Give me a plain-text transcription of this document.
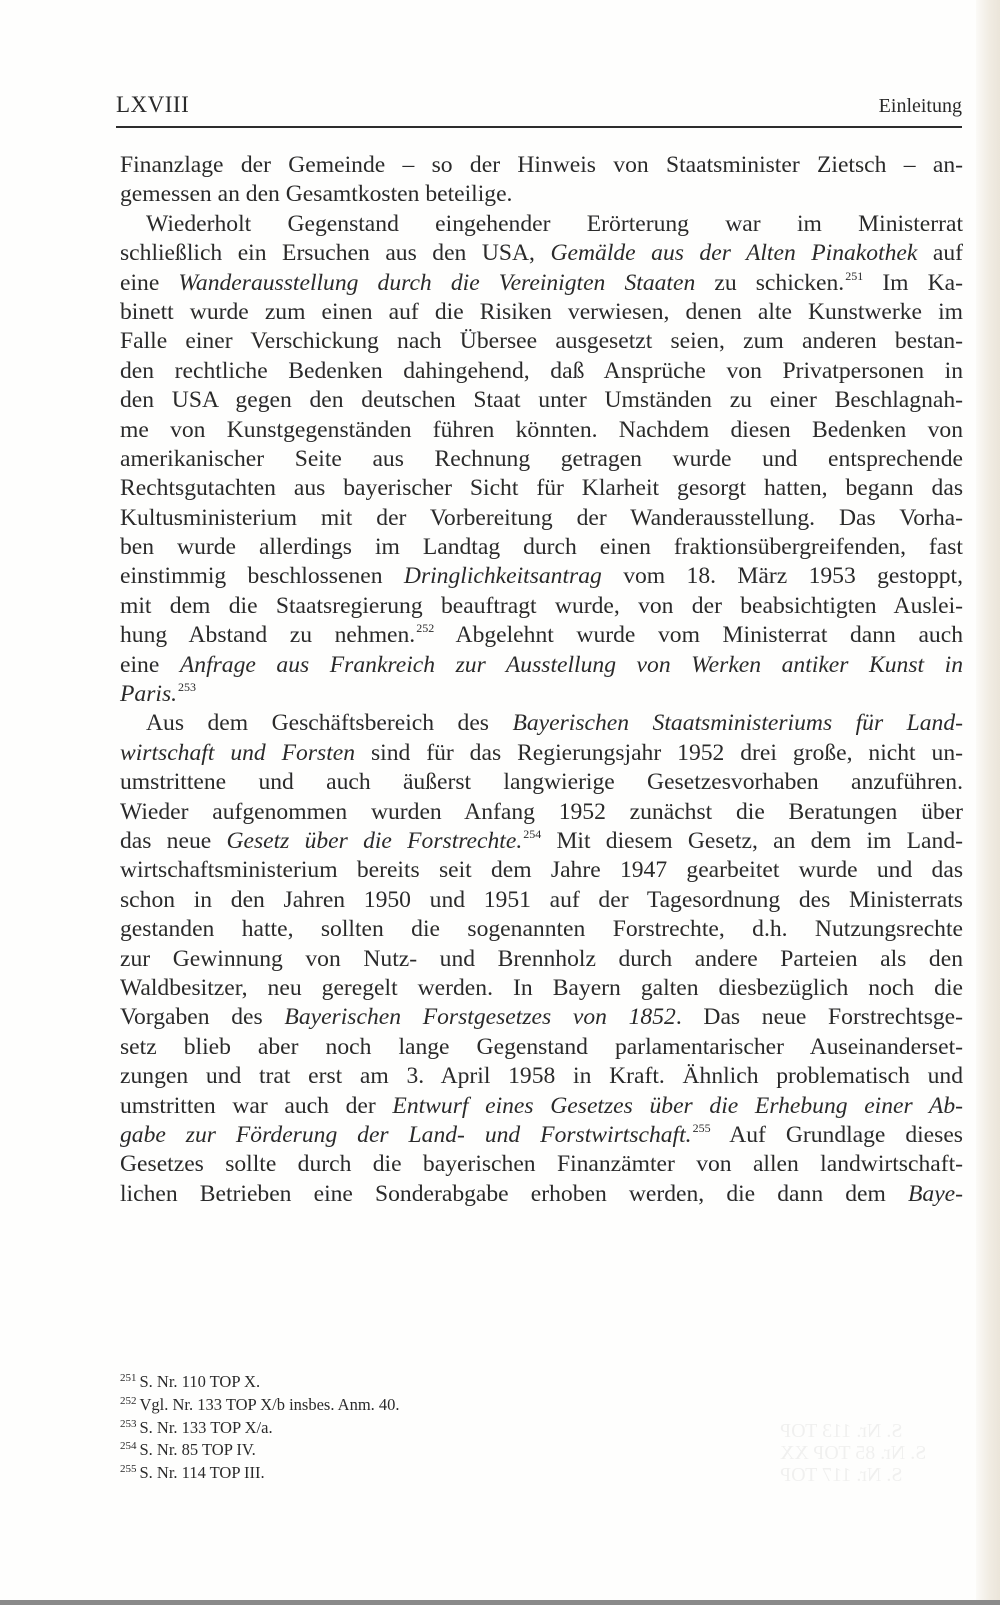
S. Nr. 113 TOP
S. Nr. 85 TOP XX
S. Nr. 117 TOP
LXVIII	Einleitung
Finanzlage der Gemeinde – so der Hinweis von Staatsminister Zietsch – an-
gemessen an den Gesamtkosten beteilige.
Wiederholt Gegenstand eingehender Erörterung war im Ministerrat
schließlich ein Ersuchen aus den USA, Gemälde aus der Alten Pinakothek auf
eine Wanderausstellung durch die Vereinigten Staaten zu schicken.$^{251}$ Im Ka-
binett wurde zum einen auf die Risiken verwiesen, denen alte Kunstwerke im
Falle einer Verschickung nach Übersee ausgesetzt seien, zum anderen bestan-
den rechtliche Bedenken dahingehend, daß Ansprüche von Privatpersonen in
den USA gegen den deutschen Staat unter Umständen zu einer Beschlagnah-
me von Kunstgegenständen führen könnten. Nachdem diesen Bedenken von
amerikanischer Seite aus Rechnung getragen wurde und entsprechende
Rechtsgutachten aus bayerischer Sicht für Klarheit gesorgt hatten, begann das
Kultusministerium mit der Vorbereitung der Wanderausstellung. Das Vorha-
ben wurde allerdings im Landtag durch einen fraktionsübergreifenden, fast
einstimmig beschlossenen Dringlichkeitsantrag vom 18. März 1953 gestoppt,
mit dem die Staatsregierung beauftragt wurde, von der beabsichtigten Auslei-
hung Abstand zu nehmen.$^{252}$ Abgelehnt wurde vom Ministerrat dann auch
eine Anfrage aus Frankreich zur Ausstellung von Werken antiker Kunst in
Paris.$^{253}$
Aus dem Geschäftsbereich des Bayerischen Staatsministeriums für Land-
wirtschaft und Forsten sind für das Regierungsjahr 1952 drei große, nicht un-
umstrittene und auch äußerst langwierige Gesetzesvorhaben anzuführen.
Wieder aufgenommen wurden Anfang 1952 zunächst die Beratungen über
das neue Gesetz über die Forstrechte.$^{254}$ Mit diesem Gesetz, an dem im Land-
wirtschaftsministerium bereits seit dem Jahre 1947 gearbeitet wurde und das
schon in den Jahren 1950 und 1951 auf der Tagesordnung des Ministerrats
gestanden hatte, sollten die sogenannten Forstrechte, d.h. Nutzungsrechte
zur Gewinnung von Nutz- und Brennholz durch andere Parteien als den
Waldbesitzer, neu geregelt werden. In Bayern galten diesbezüglich noch die
Vorgaben des Bayerischen Forstgesetzes von 1852. Das neue Forstrechtsge-
setz blieb aber noch lange Gegenstand parlamentarischer Auseinanderset-
zungen und trat erst am 3. April 1958 in Kraft. Ähnlich problematisch und
umstritten war auch der Entwurf eines Gesetzes über die Erhebung einer Ab-
gabe zur Förderung der Land- und Forstwirtschaft.$^{255}$ Auf Grundlage dieses
Gesetzes sollte durch die bayerischen Finanzämter von allen landwirtschaft-
lichen Betrieben eine Sonderabgabe erhoben werden, die dann dem Baye-
$^{251}$ S. Nr. 110 TOP X.
$^{252}$ Vgl. Nr. 133 TOP X/b insbes. Anm. 40.
$^{253}$ S. Nr. 133 TOP X/a.
$^{254}$ S. Nr. 85 TOP IV.
$^{255}$ S. Nr. 114 TOP III.
